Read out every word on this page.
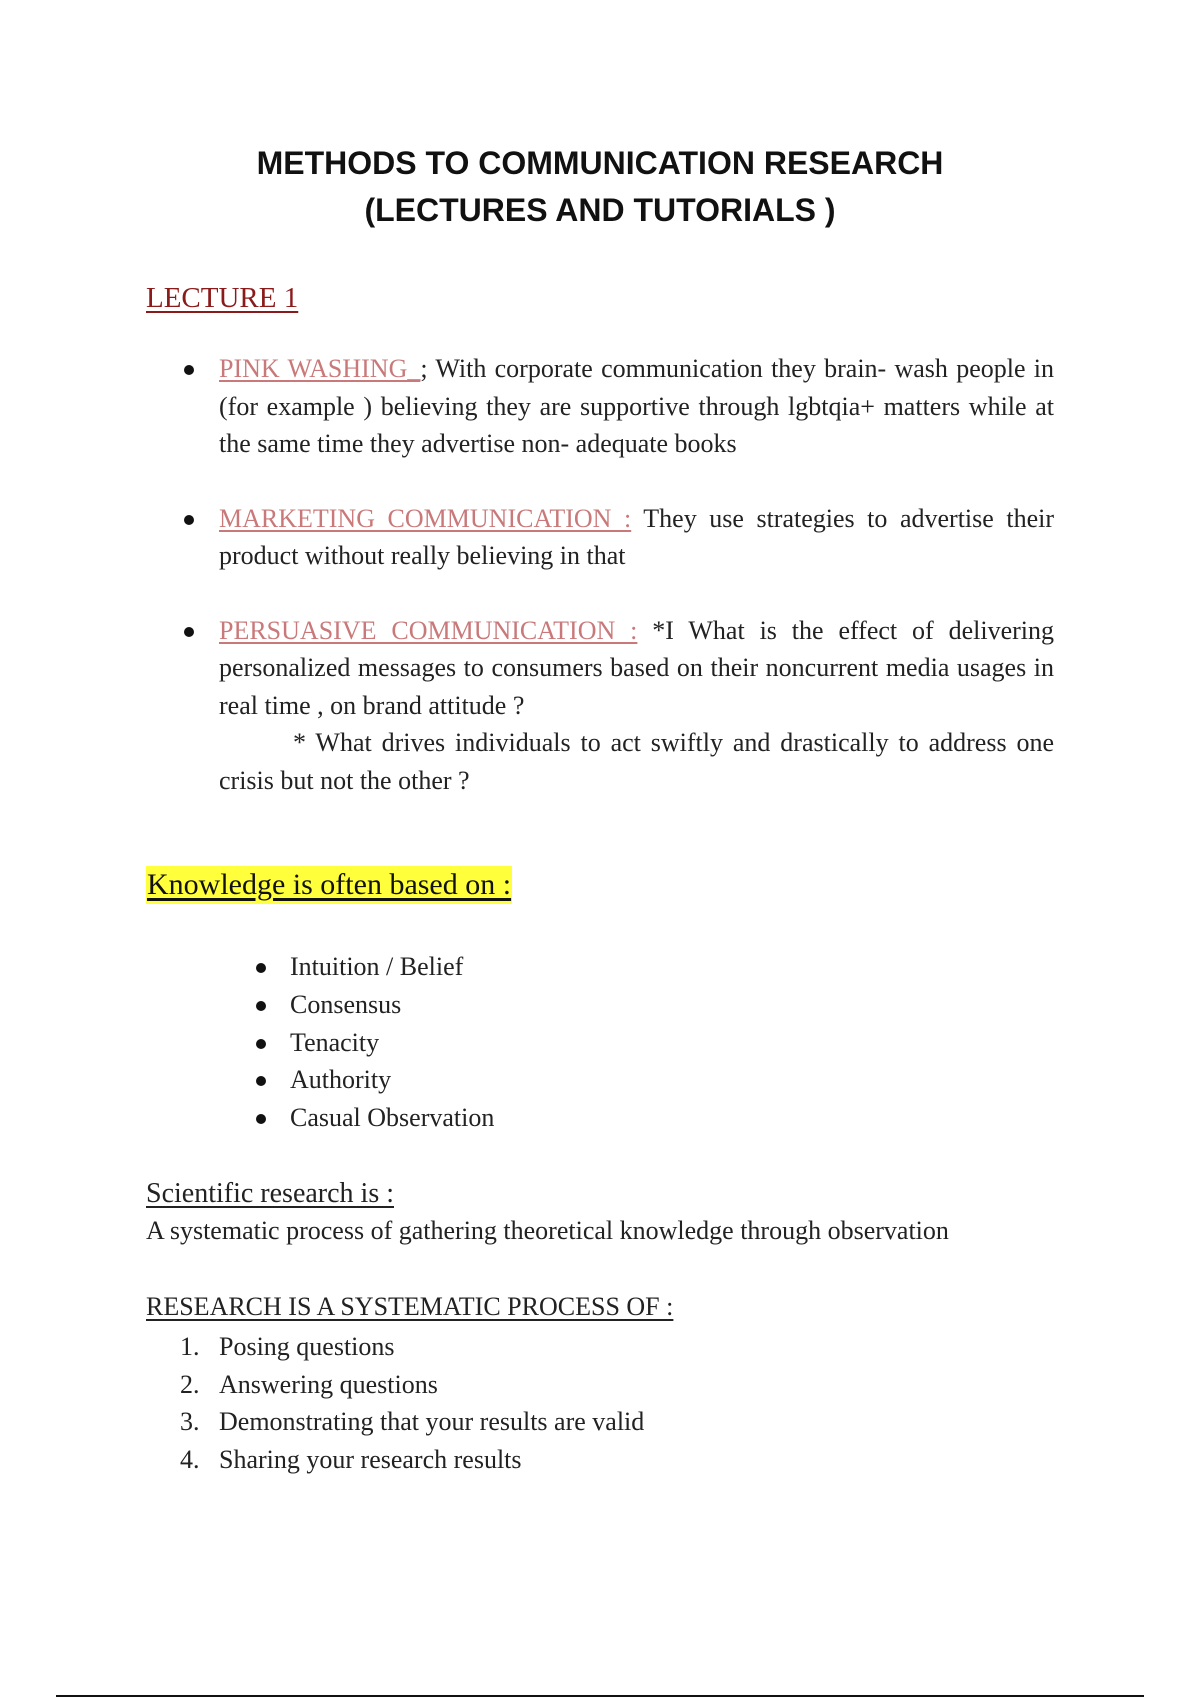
METHODS TO COMMUNICATION RESEARCH
(LECTURES AND TUTORIALS )
LECTURE 1
PINK WASHING_; With corporate communication they brain- wash people in (for example ) believing they are supportive through lgbtqia+ matters while at the same time they advertise non- adequate books
MARKETING COMMUNICATION : They use strategies to advertise their product without really believing in that
PERSUASIVE COMMUNICATION : *I What is the effect of delivering personalized messages to consumers based on their noncurrent media usages in real time , on brand attitude ?
* What drives individuals to act swiftly and drastically to address one crisis but not the other ?
Knowledge is often based on :
Intuition / Belief
Consensus
Tenacity
Authority
Casual Observation
Scientific research is :
A systematic process of gathering theoretical knowledge through observation
RESEARCH IS A SYSTEMATIC PROCESS OF :
1. Posing questions
2. Answering questions
3. Demonstrating that your results are valid
4. Sharing your research results
